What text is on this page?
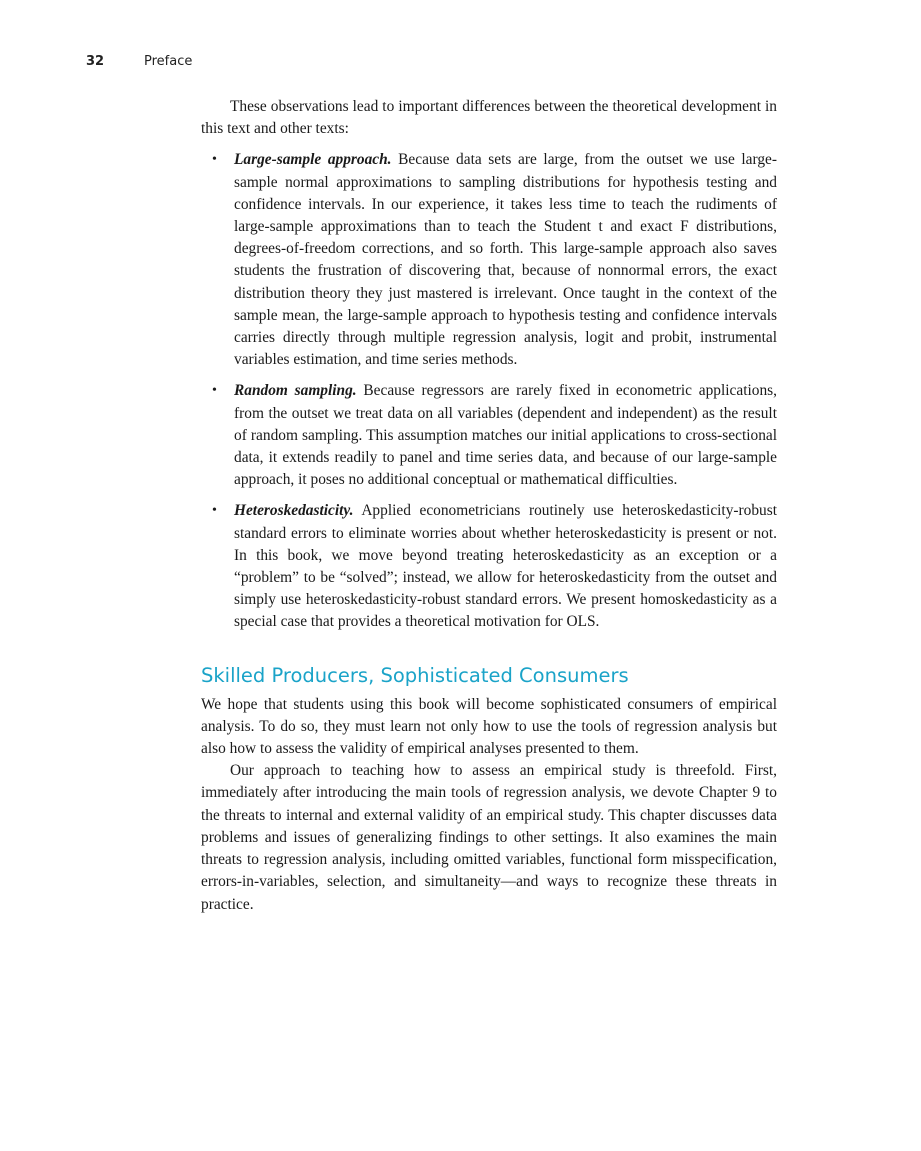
32	Preface

These observations lead to important differences between the theoretical development in this text and other texts:

• Large-sample approach. Because data sets are large, from the outset we use large-sample normal approximations to sampling distributions for hypothesis testing and confidence intervals. In our experience, it takes less time to teach the rudiments of large-sample approximations than to teach the Student t and exact F distributions, degrees-of-freedom corrections, and so forth. This large-sample approach also saves students the frustration of discovering that, because of nonnormal errors, the exact distribution theory they just mastered is irrelevant. Once taught in the context of the sample mean, the large-sample approach to hypothesis testing and confidence intervals carries directly through multiple regression analysis, logit and probit, instrumental variables estimation, and time series methods.
• Random sampling. Because regressors are rarely fixed in econometric applications, from the outset we treat data on all variables (dependent and independent) as the result of random sampling. This assumption matches our initial applications to cross-sectional data, it extends readily to panel and time series data, and because of our large-sample approach, it poses no additional conceptual or mathematical difficulties.
• Heteroskedasticity. Applied econometricians routinely use heteroskedasticity-robust standard errors to eliminate worries about whether heteroskedasticity is present or not. In this book, we move beyond treating heteroskedasticity as an exception or a “problem” to be “solved”; instead, we allow for heteroskedasticity from the outset and simply use heteroskedasticity-robust standard errors. We present homoskedasticity as a special case that provides a theoretical motivation for OLS.
Skilled Producers, Sophisticated Consumers

We hope that students using this book will become sophisticated consumers of empirical analysis. To do so, they must learn not only how to use the tools of regression analysis but also how to assess the validity of empirical analyses presented to them.

Our approach to teaching how to assess an empirical study is threefold. First, immediately after introducing the main tools of regression analysis, we devote Chapter 9 to the threats to internal and external validity of an empirical study. This chapter discusses data problems and issues of generalizing findings to other settings. It also examines the main threats to regression analysis, including omitted variables, functional form misspecification, errors-in-variables, selection, and simultaneity—and ways to recognize these threats in practice.
